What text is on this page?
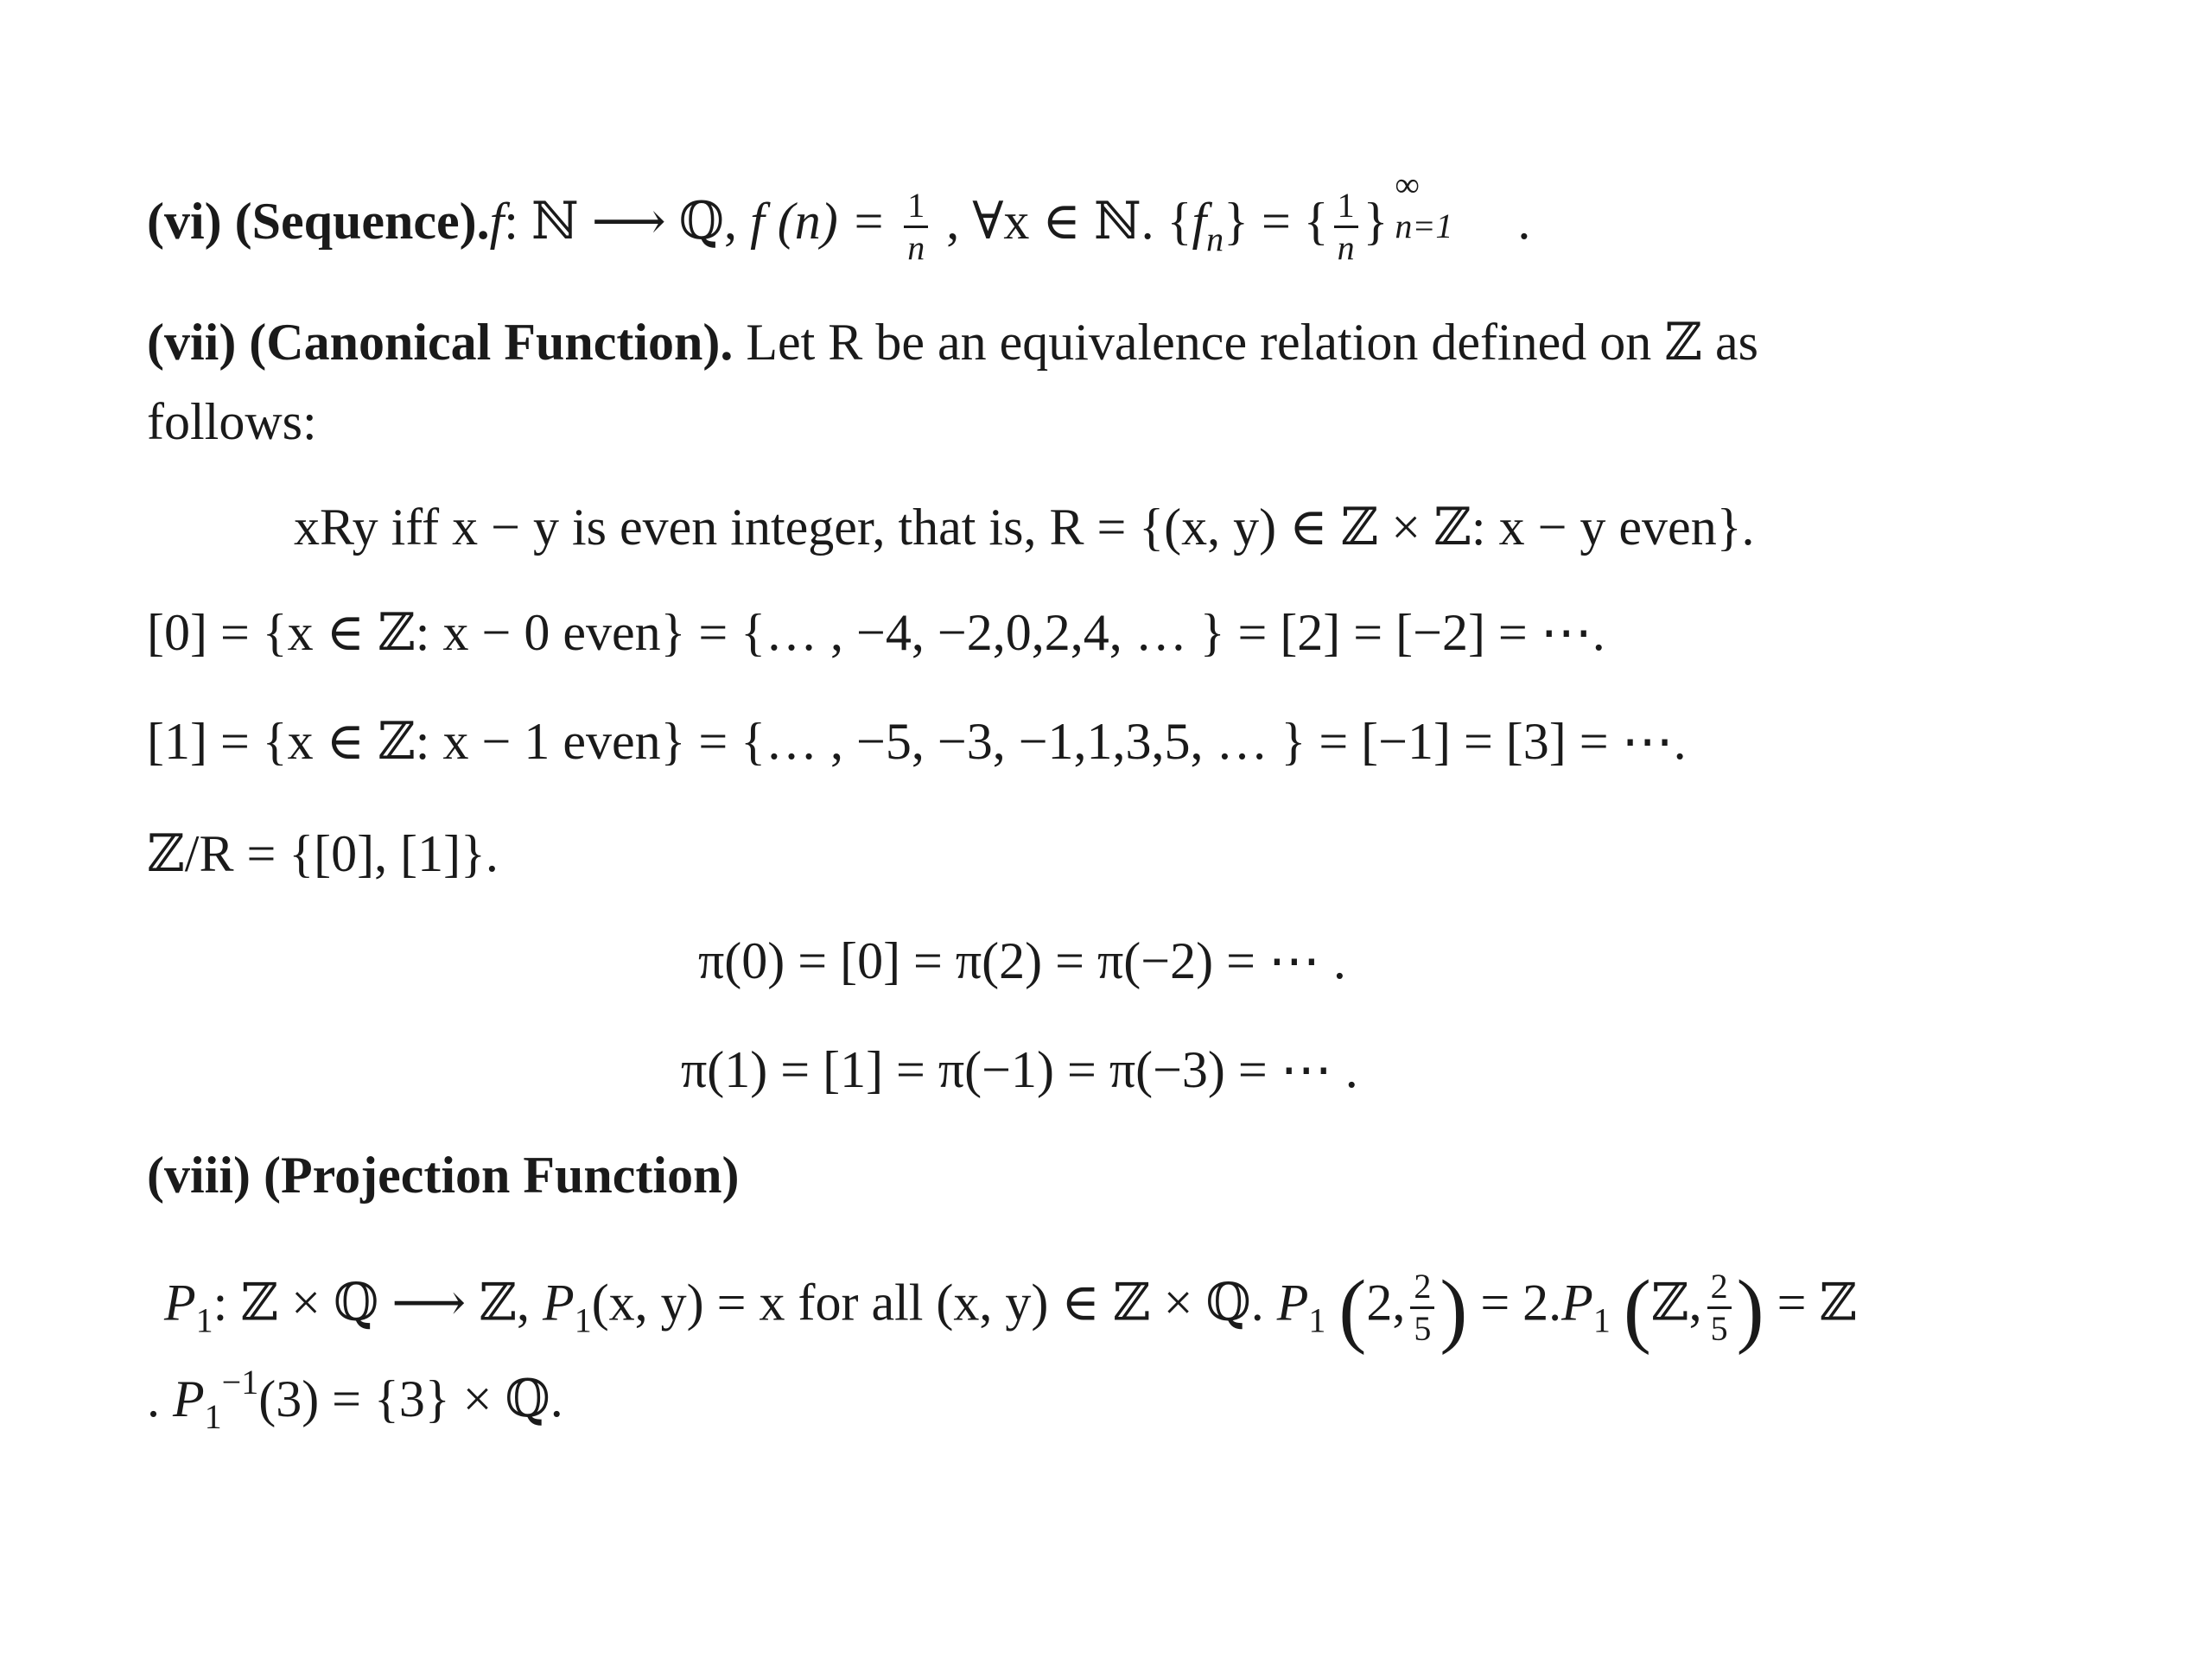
(vi) (Sequence).f: ℕ ⟶ ℚ, f $(n) = \frac{1}{n}$ , ∀x ∈ ℕ. $\{f_n\}$ = { $\frac{1}{n}$ }
∞
n=1 .
(vii) (Canonical Function). Let R be an equivalence relation defined on ℤ as
follows:
xRy iff x − y is even integer, that is, R = {(x, y) ∈ ℤ × ℤ: x − y even}.
[0] = {x ∈ ℤ: x − 0 even} = {… , −4, −2,0,2,4, … } = [2] = [−2] = ⋯.
[1] = {x ∈ ℤ: x − 1 even} = {… , −5, −3, −1,1,3,5, … } = [−1] = [3] = ⋯.
ℤ/R = {[0], [1]}.
π(0) = [0] = π(2) = π(−2) = ⋯ .
π(1) = [1] = π(−1) = π(−3) = ⋯ .
(viii) (Projection Function)
$P_1$: ℤ × ℚ ⟶ ℤ, $P_1(x$, y) = x for all (x, y) ∈ ℤ × ℚ. $P_1$ (2, $\frac{2}{5}$ ) = $2.P_1$ (ℤ, $\frac{2}{5}$ ) = ℤ
. $P_1^{-1}(3) = \{3\}$ × ℚ.
